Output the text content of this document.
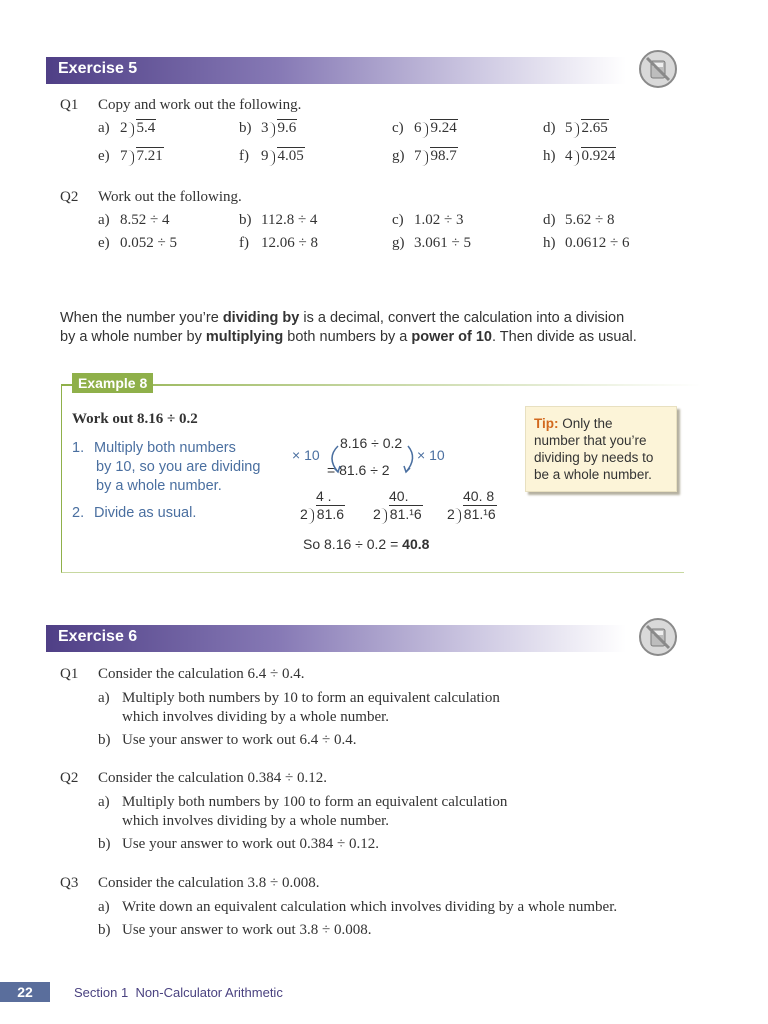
Exercise 5
Q1 Copy and work out the following.
a) 2 5.4	b) 3 9.6	c) 6 9.24	d) 5 2.65
e) 7 7.21	f) 9 4.05	g) 7 98.7	h) 4 0.924
Q2 Work out the following.
a) 8.52 ÷ 4	b) 112.8 ÷ 4	c) 1.02 ÷ 3	d) 5.62 ÷ 8
e) 0.052 ÷ 5	f) 12.06 ÷ 8	g) 3.061 ÷ 5	h) 0.0612 ÷ 6
When the number you’re dividing by is a decimal, convert the calculation into a division
by a whole number by multiplying both numbers by a power of 10. Then divide as usual.
Example 8
Work out 8.16 ÷ 0.2
1. Multiply both numbers
by 10, so you are dividing
by a whole number.
2. Divide as usual.
× 10
8.16 ÷ 0.2
= 81.6 ÷ 2
× 10
4 .
2 81.6
40.
2 81.¹6
40. 8
2 81.¹6
So 8.16 ÷ 0.2 = 40.8
Tip: Only the
number that you’re
dividing by needs to
be a whole number.
Exercise 6
Q1 Consider the calculation 6.4 ÷ 0.4.
a) Multiply both numbers by 10 to form an equivalent calculation
which involves dividing by a whole number.
b) Use your answer to work out 6.4 ÷ 0.4.
Q2 Consider the calculation 0.384 ÷ 0.12.
a) Multiply both numbers by 100 to form an equivalent calculation
which involves dividing by a whole number.
b) Use your answer to work out 0.384 ÷ 0.12.
Q3 Consider the calculation 3.8 ÷ 0.008.
a) Write down an equivalent calculation which involves dividing by a whole number.
b) Use your answer to work out 3.8 ÷ 0.008.
22	Section 1 Non-Calculator Arithmetic
